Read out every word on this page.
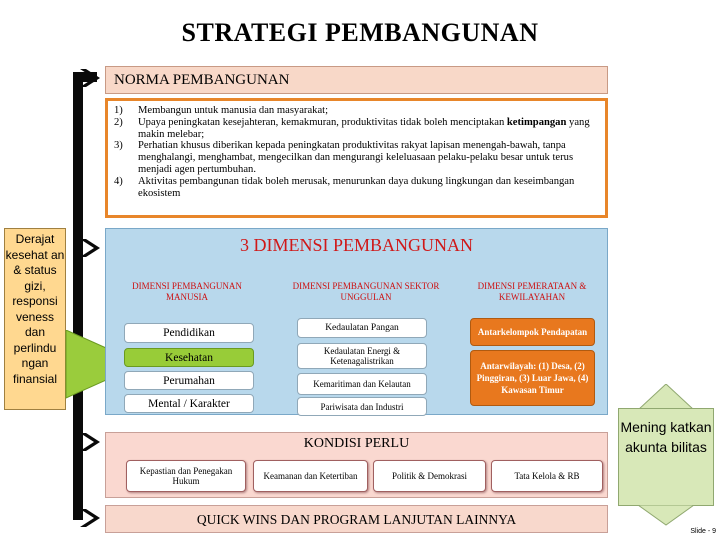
STRATEGI PEMBANGUNAN
NORMA PEMBANGUNAN
1)	Membangun untuk manusia dan masyarakat;
2)	Upaya peningkatan kesejahteran, kemakmuran, produktivitas tidak boleh menciptakan ketimpangan yang makin melebar;
3)	Perhatian khusus diberikan kepada peningkatan produktivitas rakyat lapisan menengah-bawah, tanpa menghalangi, menghambat, mengecilkan dan mengurangi keleluasaan pelaku-pelaku besar untuk terus menjadi agen pertumbuhan.
4)	Aktivitas pembangunan tidak boleh merusak, menurunkan daya dukung lingkungan dan keseimbangan ekosistem
Derajat kesehat an & status gizi, responsi veness dan perlindu ngan finansial
3 DIMENSI PEMBANGUNAN
DIMENSI PEMBANGUNAN MANUSIA
Pendidikan
Kesehatan
Perumahan
Mental / Karakter
DIMENSI PEMBANGUNAN SEKTOR UNGGULAN
Kedaulatan Pangan
Kedaulatan Energi & Ketenagalistrikan
Kemaritiman dan Kelautan
Pariwisata dan Industri
DIMENSI PEMERATAAN & KEWILAYAHAN
Antarkelompok Pendapatan
Antarwilayah: (1) Desa, (2) Pinggiran, (3) Luar Jawa, (4) Kawasan Timur
KONDISI PERLU
Kepastian dan Penegakan Hukum
Keamanan dan Ketertiban	Politik & Demokrasi	Tata Kelola & RB
QUICK WINS DAN PROGRAM LANJUTAN LAINNYA
Mening katkan akunta bilitas
Slide - 9
